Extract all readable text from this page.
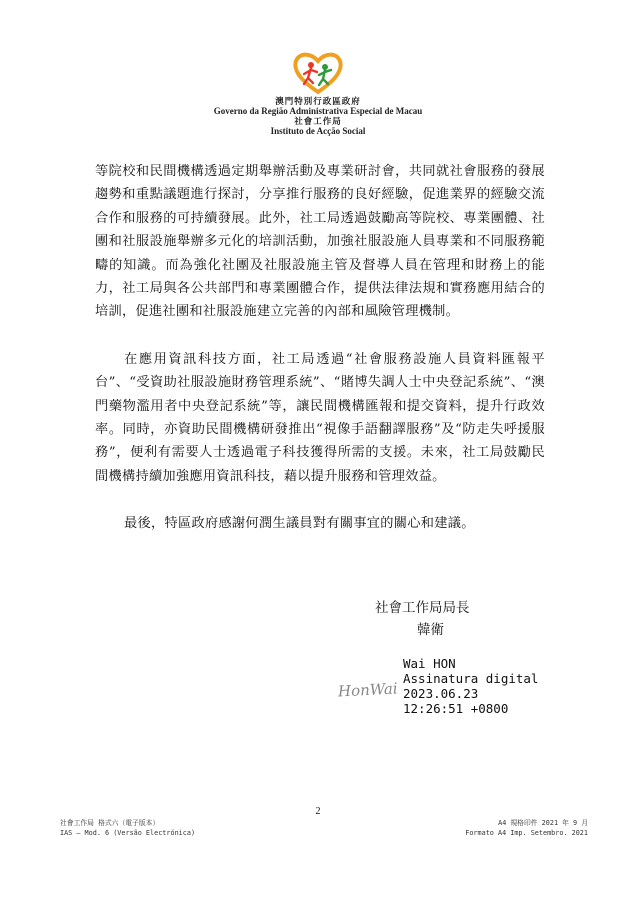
澳門特別行政區政府
Governo da Região Administrativa Especial de Macau
社會工作局
Instituto de Acção Social

等院校和民間機構透過定期舉辦活動及專業研討會，共同就社會服務的發展趨勢和重點議題進行探討，分享推行服務的良好經驗，促進業界的經驗交流合作和服務的可持續發展。此外，社工局透過鼓勵高等院校、專業團體、社團和社服設施舉辦多元化的培訓活動，加強社服設施人員專業和不同服務範疇的知識。而為強化社團及社服設施主管及督導人員在管理和財務上的能力，社工局與各公共部門和專業團體合作，提供法律法規和實務應用結合的培訓，促進社團和社服設施建立完善的內部和風險管理機制。

在應用資訊科技方面，社工局透過“社會服務設施人員資料匯報平台”、“受資助社服設施財務管理系統”、“賭博失調人士中央登記系統”、“澳門藥物濫用者中央登記系統”等，讓民間機構匯報和提交資料，提升行政效率。同時，亦資助民間機構研發推出“視像手語翻譯服務”及“防走失呼援服務”，便利有需要人士透過電子科技獲得所需的支援。未來，社工局鼓勵民間機構持續加強應用資訊科技，藉以提升服務和管理效益。

最後，特區政府感謝何潤生議員對有關事宜的關心和建議。

社會工作局局長
韓衛
HonWai
Wai HON
Assinatura digital
2023.06.23
12:26:51 +0800
2
社會工作局 格式六（電子版本）
IAS – Mod. 6 (Versão Electrónica)
A4 規格印件 2021 年 9 月
Formato A4 Imp. Setembro. 2021
